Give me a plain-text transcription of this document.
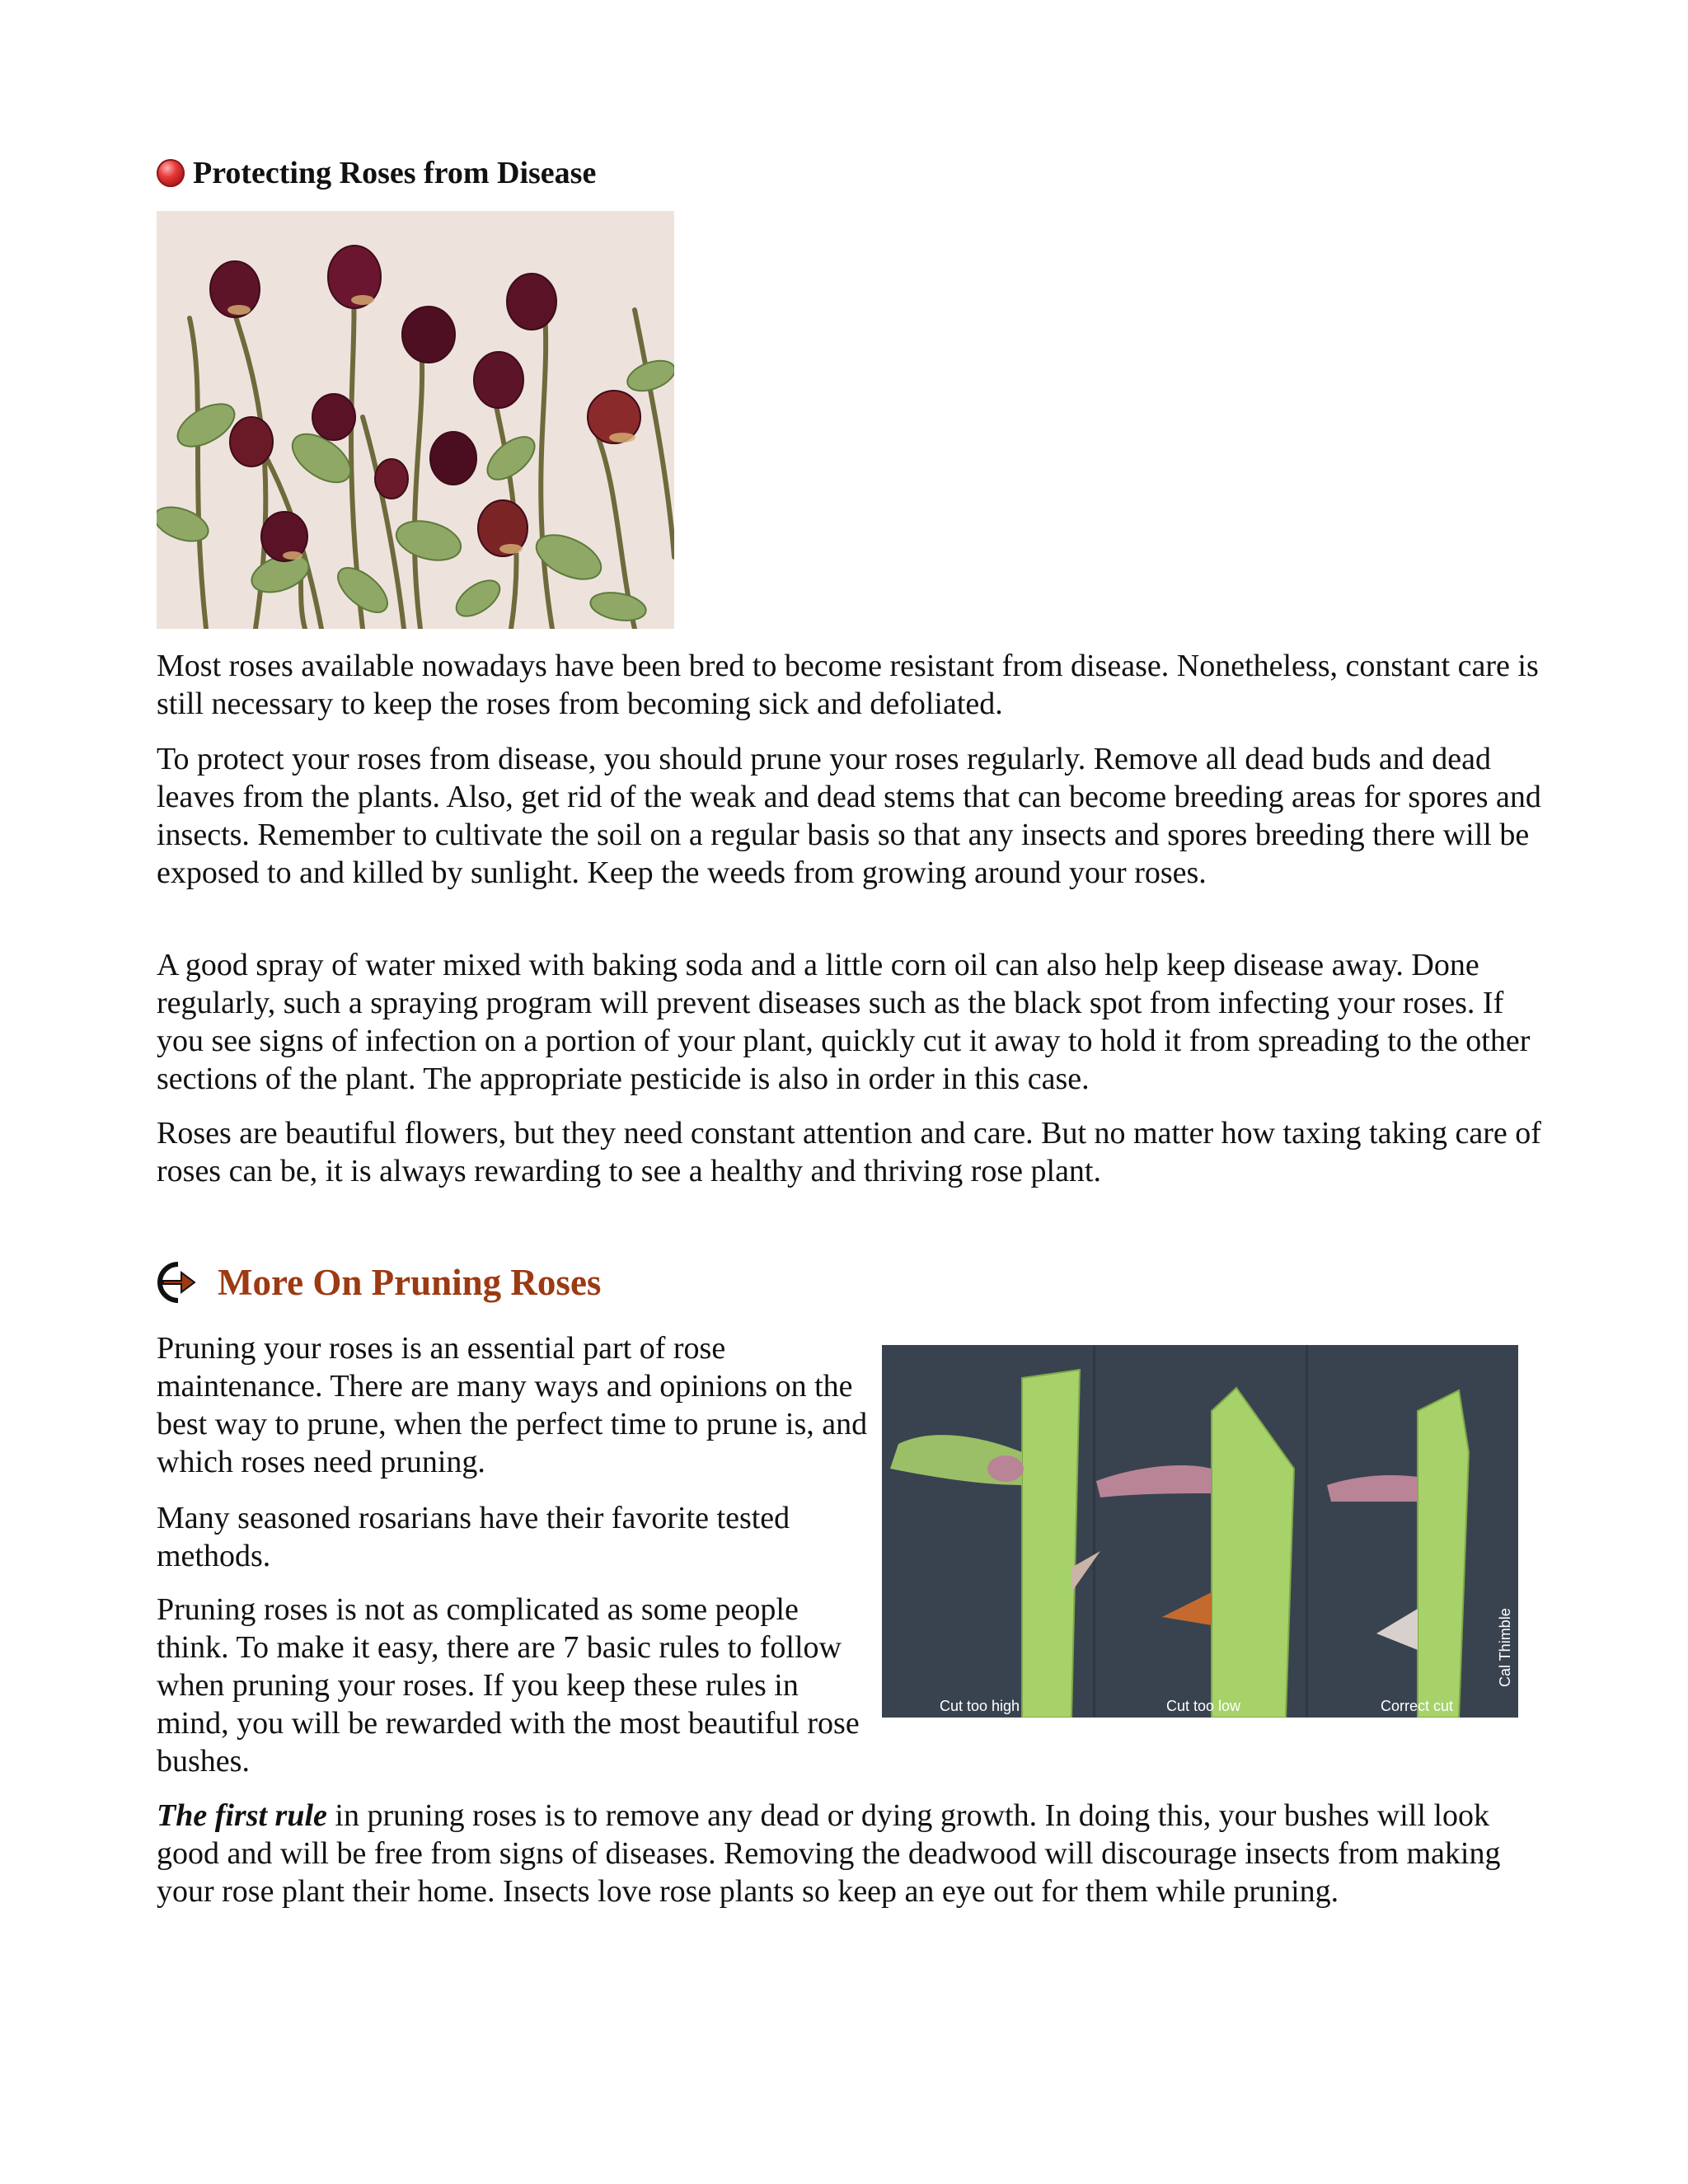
Protecting Roses from Disease

Most roses available nowadays have been bred to become resistant from disease. Nonetheless, constant care is still necessary to keep the roses from becoming sick and defoliated.

To protect your roses from disease, you should prune your roses regularly. Remove all dead buds and dead leaves from the plants. Also, get rid of the weak and dead stems that can become breeding areas for spores and insects. Remember to cultivate the soil on a regular basis so that any insects and spores breeding there will be exposed to and killed by sunlight. Keep the weeds from growing around your roses.

A good spray of water mixed with baking soda and a little corn oil can also help keep disease away. Done regularly, such a spraying program will prevent diseases such as the black spot from infecting your roses. If you see signs of infection on a portion of your plant, quickly cut it away to hold it from spreading to the other sections of the plant. The appropriate pesticide is also in order in this case.

Roses are beautiful flowers, but they need constant attention and care. But no matter how taxing taking care of roses can be, it is always rewarding to see a healthy and thriving rose plant.

More On Pruning Roses
Cut too high	Cut too low	Correct cut
Cal Thimble

Pruning your roses is an essential part of rose maintenance. There are many ways and opinions on the best way to prune, when the perfect time to prune is, and which roses need pruning.

Many seasoned rosarians have their favorite tested methods.

Pruning roses is not as complicated as some people think. To make it easy, there are 7 basic rules to follow when pruning your roses. If you keep these rules in mind, you will be rewarded with the most beautiful rose bushes.

The first rule in pruning roses is to remove any dead or dying growth. In doing this, your bushes will look good and will be free from signs of diseases. Removing the deadwood will discourage insects from making your rose plant their home. Insects love rose plants so keep an eye out for them while pruning.
